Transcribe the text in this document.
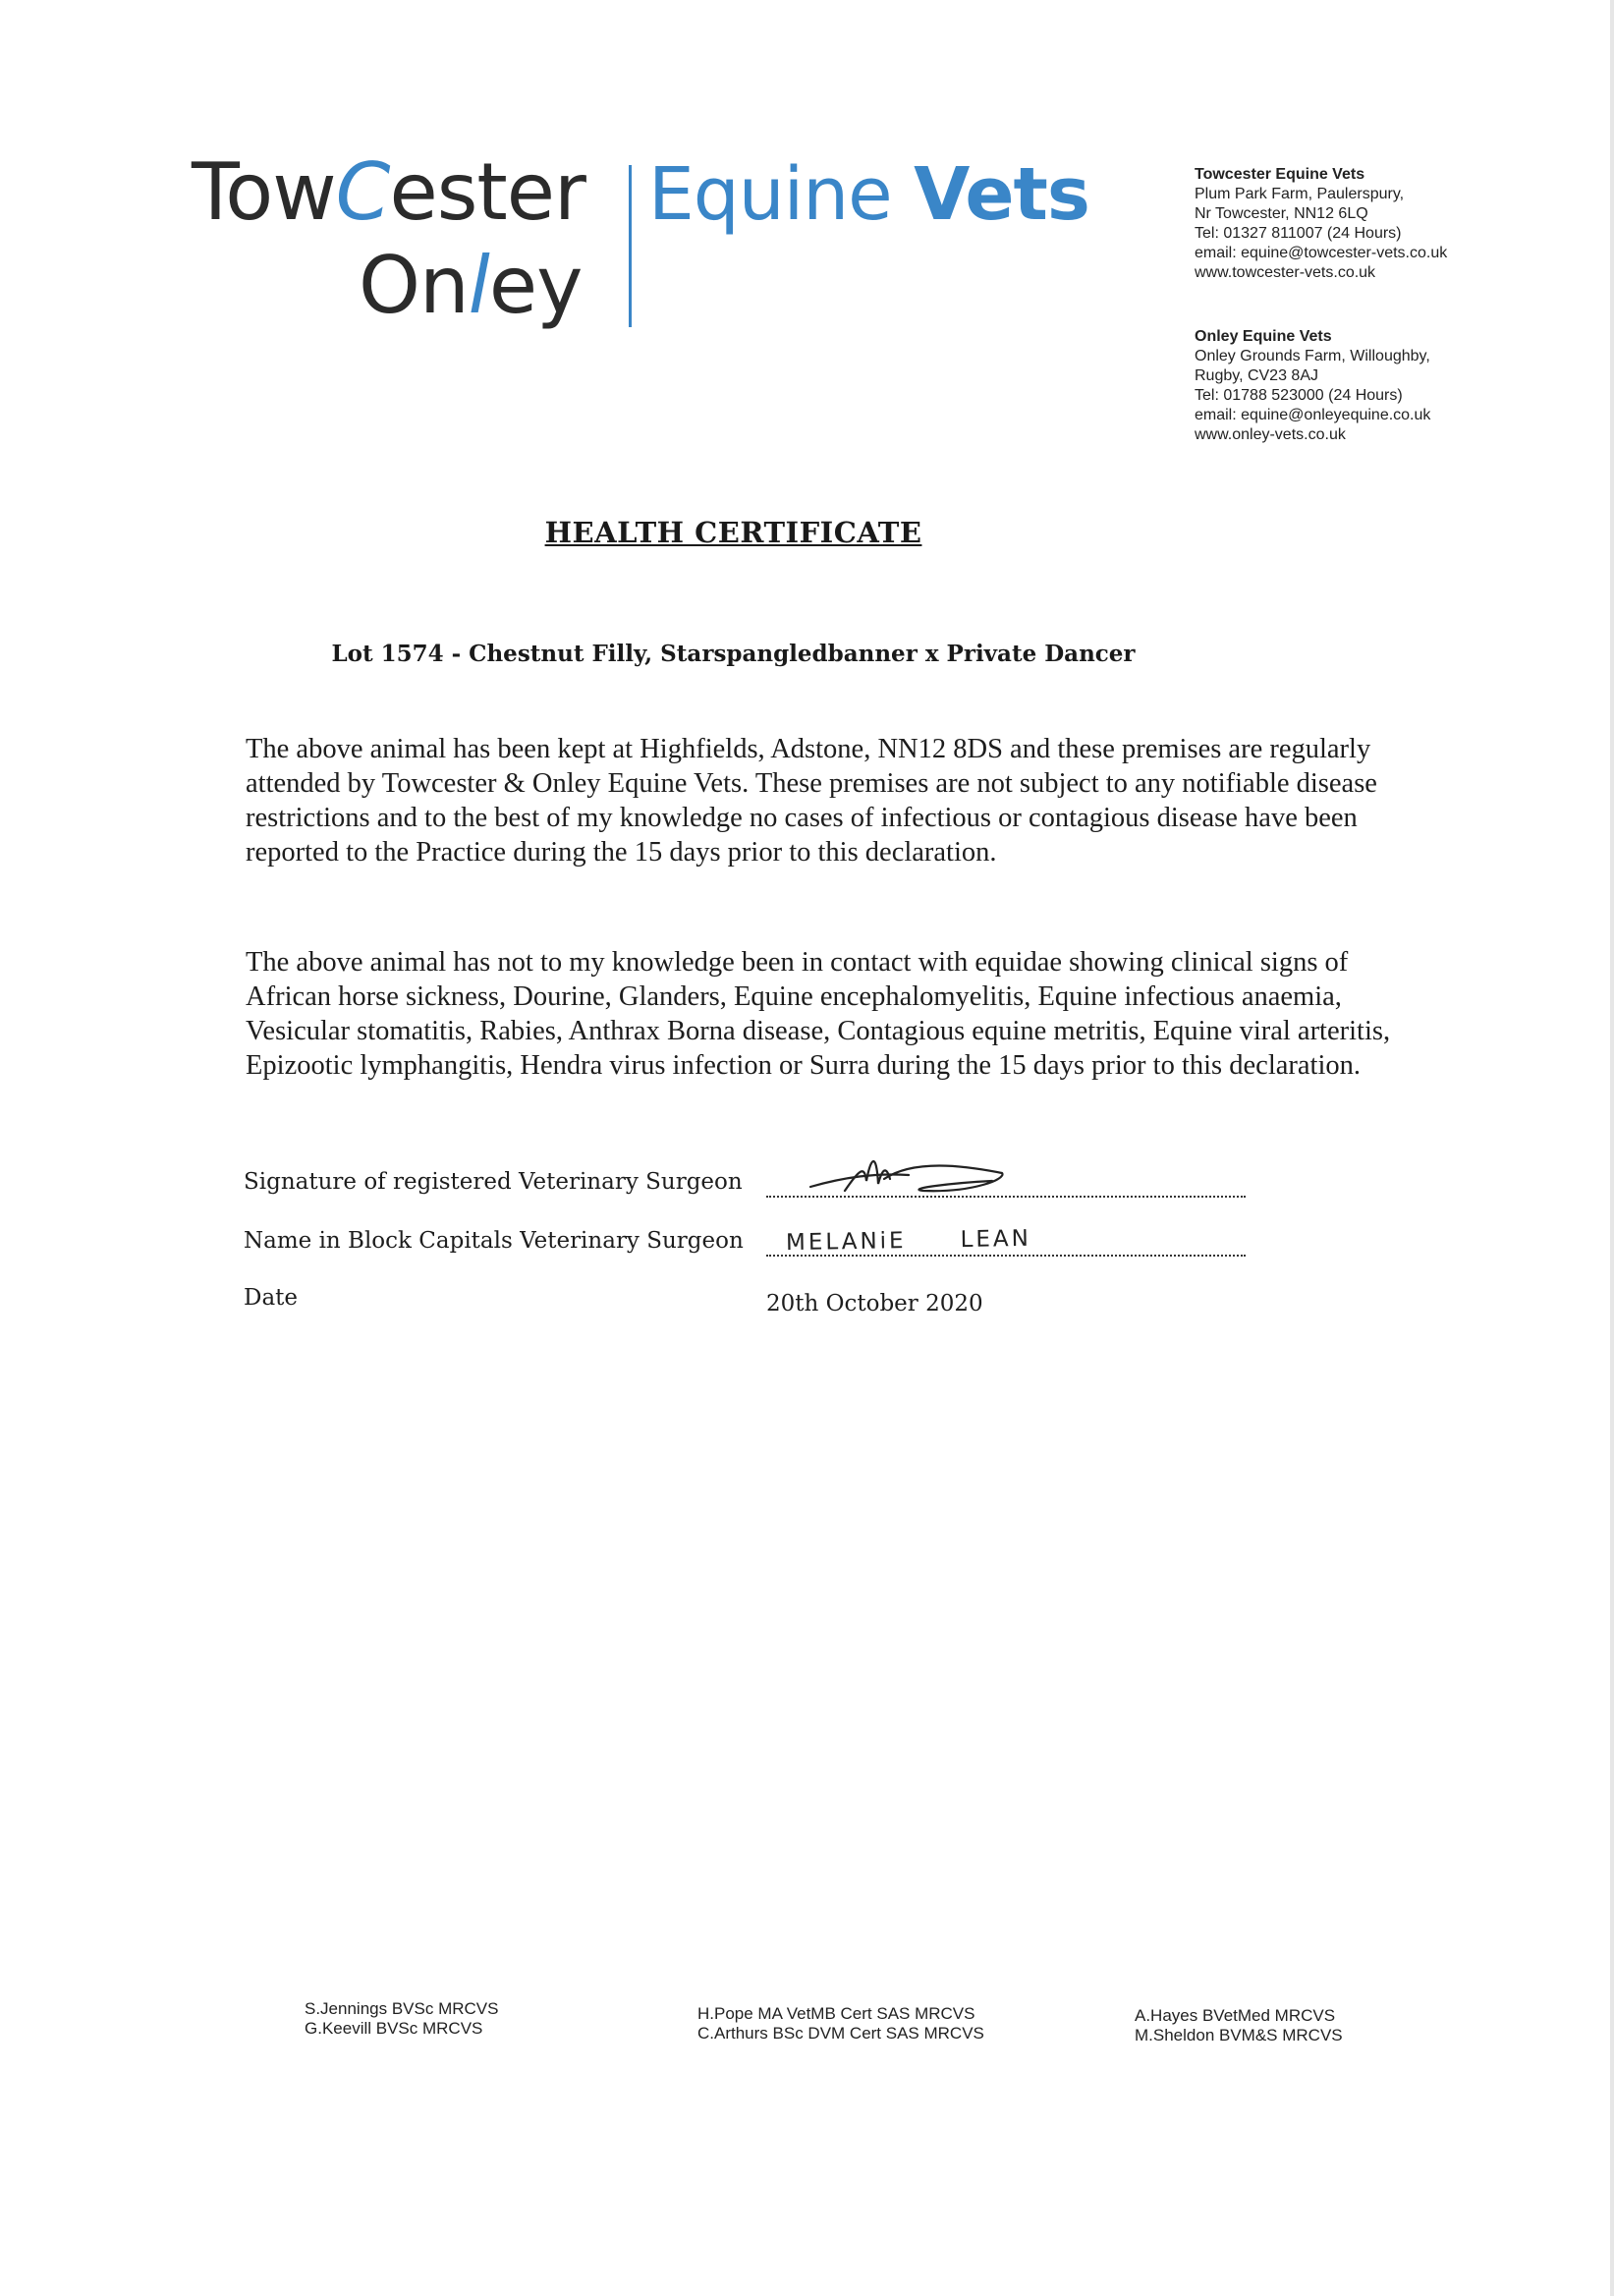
TowCester
Onley
Equine Vets	Towcester Equine Vets
Plum Park Farm, Paulerspury,
Nr Towcester, NN12 6LQ
Tel: 01327 811007 (24 Hours)
email: equine@towcester-vets.co.uk
www.towcester-vets.co.uk
Onley Equine Vets
Onley Grounds Farm, Willoughby,
Rugby, CV23 8AJ
Tel: 01788 523000 (24 Hours)
email: equine@onleyequine.co.uk
www.onley-vets.co.uk
HEALTH CERTIFICATE
Lot 1574 - Chestnut Filly, Starspangledbanner x Private Dancer
The above animal has been kept at Highfields, Adstone, NN12 8DS and these premises are regularly attended by Towcester & Onley Equine Vets. These premises are not subject to any notifiable disease restrictions and to the best of my knowledge no cases of infectious or contagious disease have been reported to the Practice during the 15 days prior to this declaration.
The above animal has not to my knowledge been in contact with equidae showing clinical signs of African horse sickness, Dourine, Glanders, Equine encephalomyelitis, Equine infectious anaemia, Vesicular stomatitis, Rabies, Anthrax Borna disease, Contagious equine metritis, Equine viral arteritis, Epizootic lymphangitis, Hendra virus infection or Surra during the 15 days prior to this declaration.
Signature of registered Veterinary Surgeon
Name in Block Capitals Veterinary Surgeon MELANiE LEAN
Date	20th October 2020
S.Jennings BVSc MRCVS
G.Keevill BVSc MRCVS
H.Pope MA VetMB Cert SAS MRCVS
C.Arthurs BSc DVM Cert SAS MRCVS
A.Hayes BVetMed MRCVS
M.Sheldon BVM&S MRCVS
